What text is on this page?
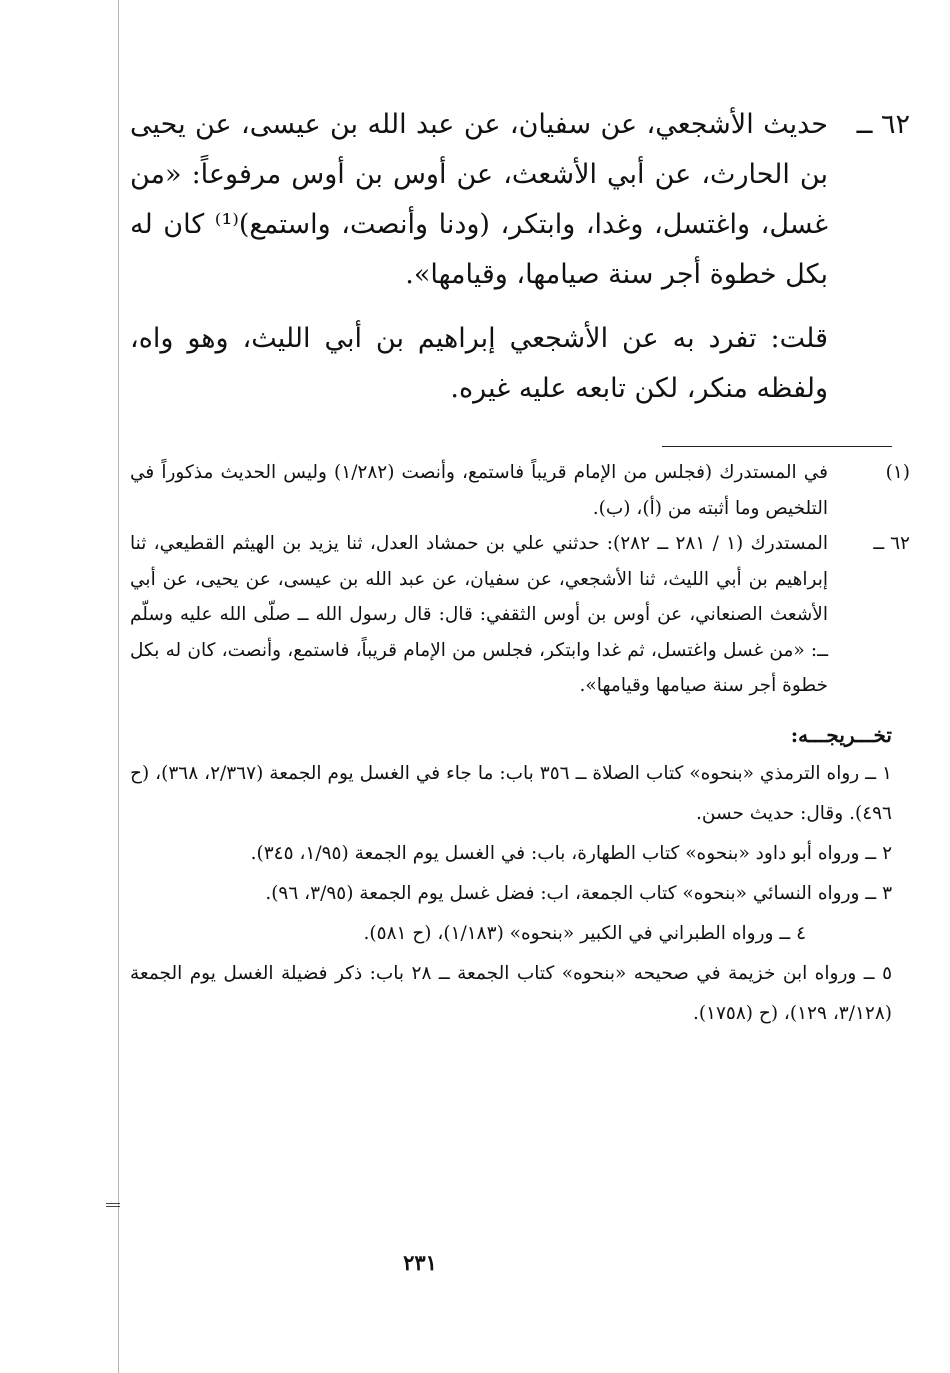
٦٢ ــ
حديث الأشجعي، عن سفيان، عن عبد الله بن عيسى، عن يحيى بن الحارث، عن أبي الأشعث، عن أوس بن أوس مرفوعاً: «من غسل، واغتسل، وغدا، وابتكر، (ودنا وأنصت، واستمع)⁽¹⁾ كان له بكل خطوة أجر سنة صيامها، وقيامها».
قلت: تفرد به عن الأشجعي إبراهيم بن أبي الليث، وهو واه، ولفظه منكر، لكن تابعه عليه غيره.
(١)
في المستدرك (فجلس من الإمام قريباً فاستمع، وأنصت (١/٢٨٢) وليس الحديث مذكوراً في التلخيص وما أثبته من (أ)، (ب).
٦٢ ــ
المستدرك (١ / ٢٨١ ــ ٢٨٢): حدثني علي بن حمشاد العدل، ثنا يزيد بن الهيثم القطيعي، ثنا إبراهيم بن أبي الليث، ثنا الأشجعي، عن سفيان، عن عبد الله بن عيسى، عن يحيى، عن أبي الأشعث الصنعاني، عن أوس بن أوس الثقفي: قال: قال رسول الله ــ صلّى الله عليه وسلّم ــ: «من غسل واغتسل، ثم غدا وابتكر، فجلس من الإمام قريباً، فاستمع، وأنصت، كان له بكل خطوة أجر سنة صيامها وقيامها».
تخـــريجـــه:
١ ــ رواه الترمذي «بنحوه» كتاب الصلاة ــ ٣٥٦ باب: ما جاء في الغسل يوم الجمعة (٢/٣٦٧، ٣٦٨)، (ح ٤٩٦). وقال: حديث حسن.
٢ ــ ورواه أبو داود «بنحوه» كتاب الطهارة، باب: في الغسل يوم الجمعة (١/٩٥، ٣٤٥).
٣ ــ ورواه النسائي «بنحوه» كتاب الجمعة، اب: فضل غسل يوم الجمعة (٣/٩٥، ٩٦).
٤ ــ ورواه الطبراني في الكبير «بنحوه» (١/١٨٣)، (ح ٥٨١).
٥ ــ ورواه ابن خزيمة في صحيحه «بنحوه» كتاب الجمعة ــ ٢٨ باب: ذكر فضيلة الغسل يوم الجمعة (٣/١٢٨، ١٢٩)، (ح (١٧٥٨).
٢٣١
